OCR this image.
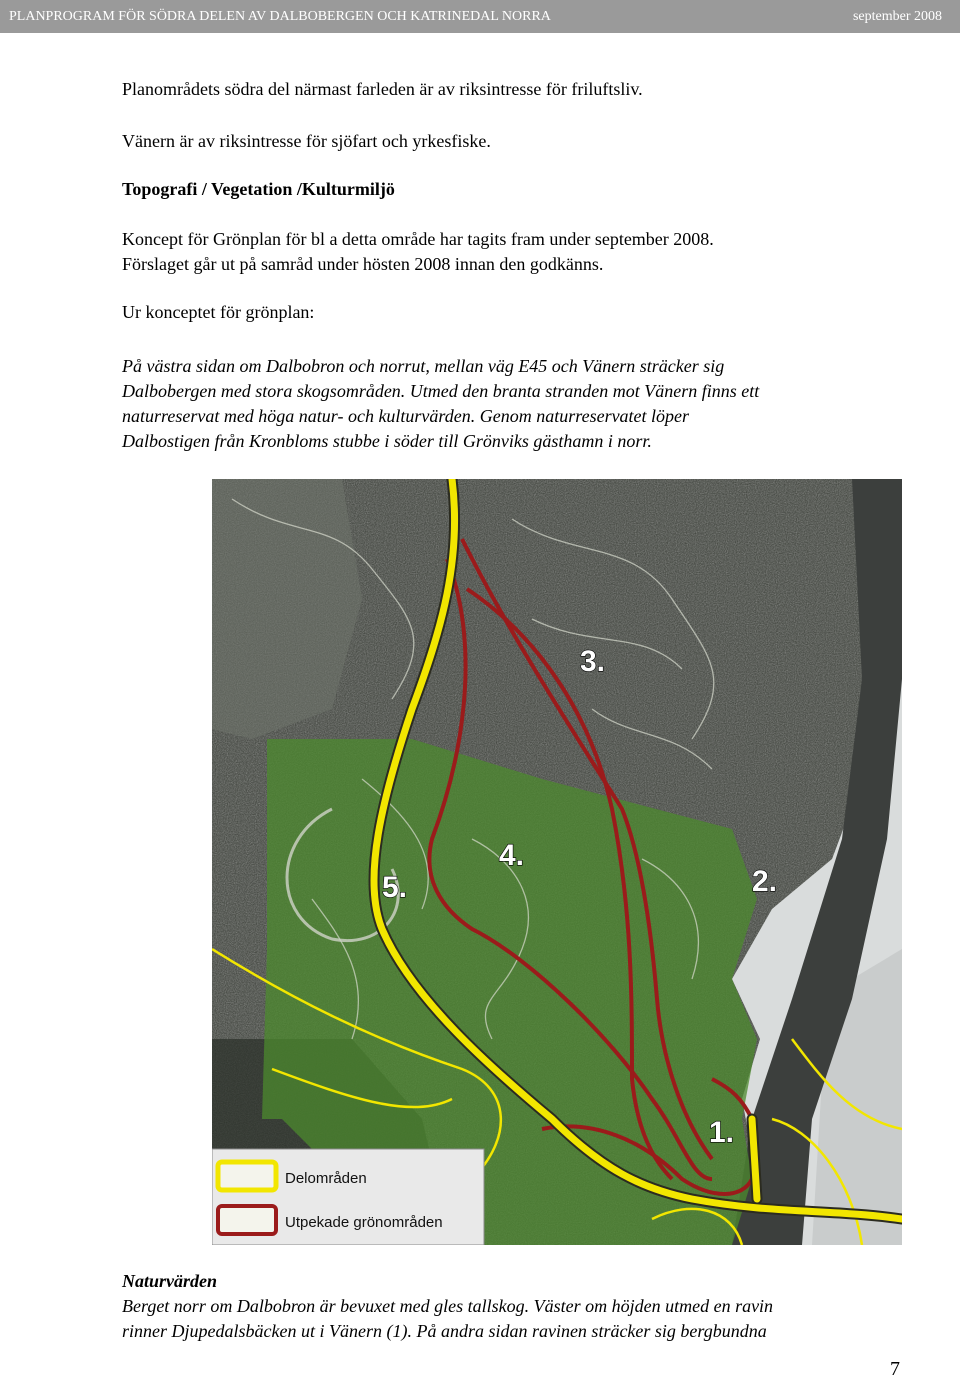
PLANPROGRAM FÖR SÖDRA DELEN AV DALBOBERGEN OCH KATRINEDAL NORRA	september 2008

Planområdets södra del närmast farleden är av riksintresse för friluftsliv.

Vänern är av riksintresse för sjöfart och yrkesfiske.

Topografi / Vegetation /Kulturmiljö

Koncept för Grönplan för bl a detta område har tagits fram under september 2008.

Förslaget går ut på samråd under hösten 2008 innan den godkänns.

Ur konceptet för grönplan:

På västra sidan om Dalbobron och norrut, mellan väg E45 och Vänern sträcker sig

Dalbobergen med stora skogsområden. Utmed den branta stranden mot Vänern finns ett

naturreservat med höga natur- och kulturvärden. Genom naturreservatet löper

Dalbostigen från Kronbloms stubbe i söder till Grönviks gästhamn i norr.

3.
4.
5.	2.
1.
Delområden
Utpekade grönområden

Naturvärden

Berget norr om Dalbobron är bevuxet med gles tallskog. Väster om höjden utmed en ravin

rinner Djupedalsbäcken ut i Vänern (1). På andra sidan ravinen sträcker sig bergbundna

7
